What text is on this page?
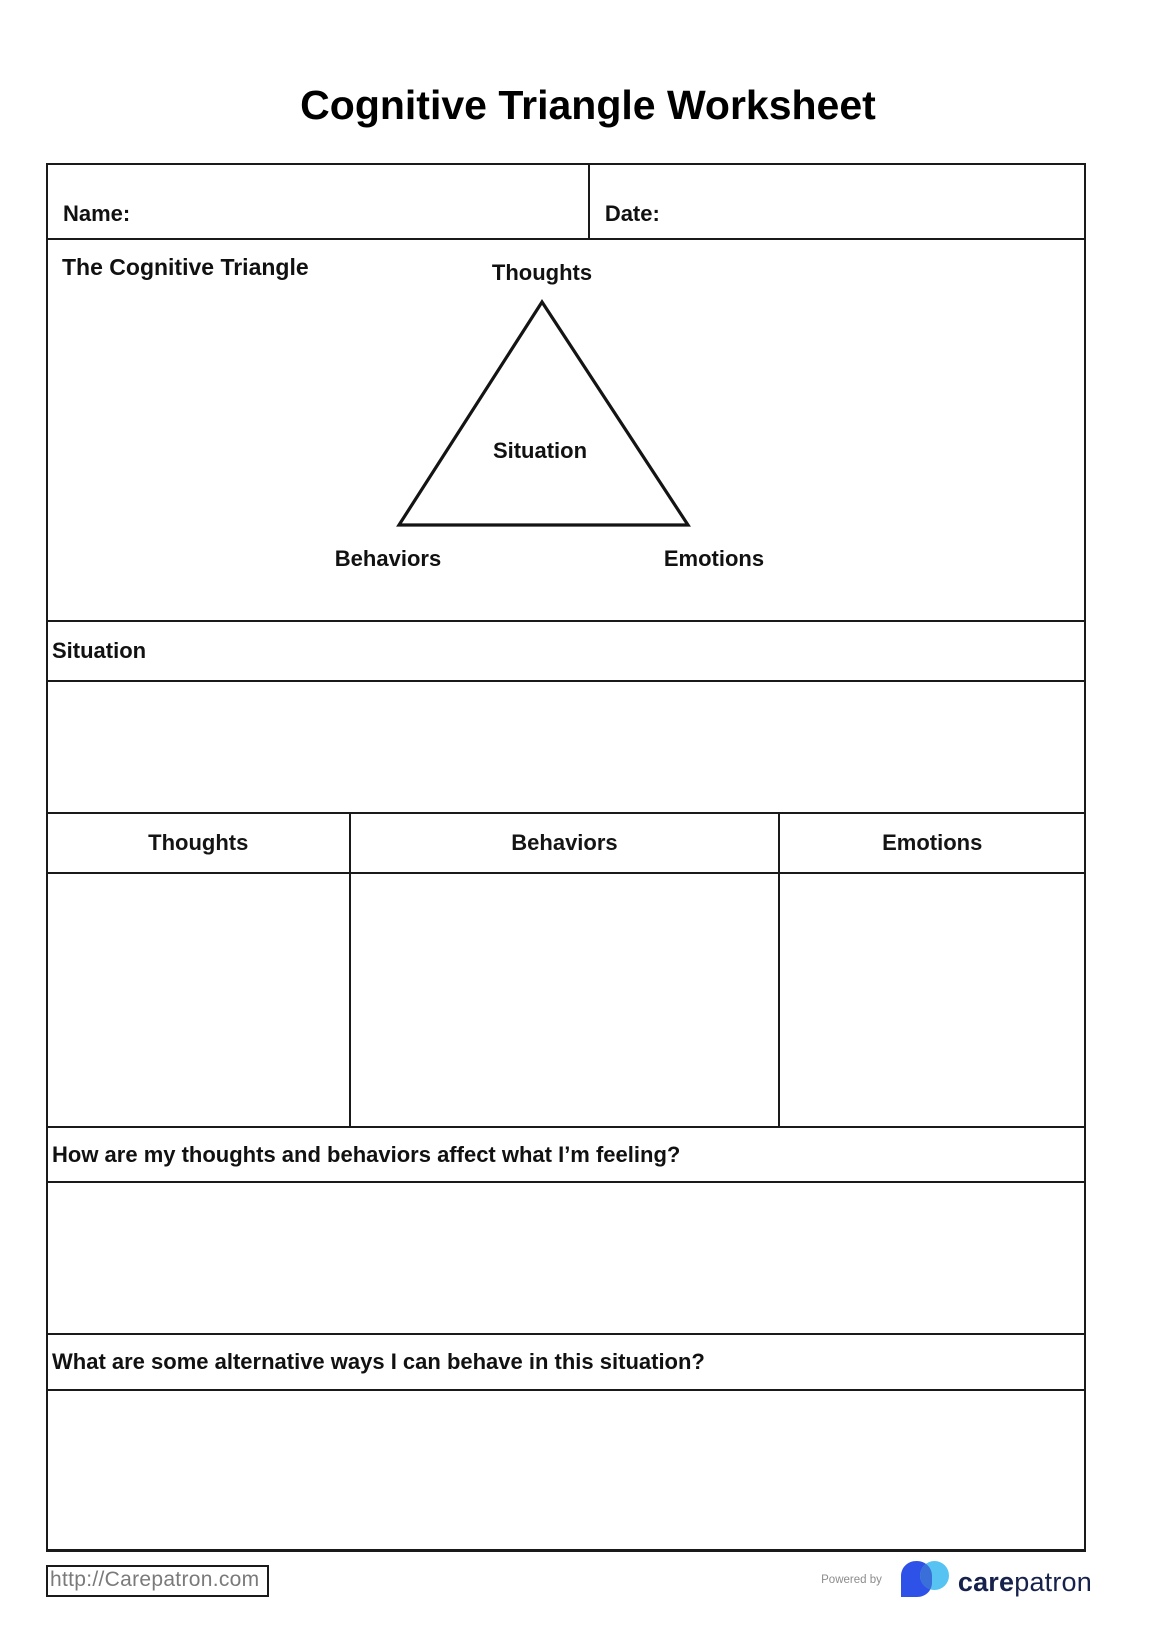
Cognitive Triangle Worksheet
Name:	Date:
The Cognitive Triangle	Thoughts
Situation
Behaviors	Emotions
Situation
Thoughts	Behaviors	Emotions
How are my thoughts and behaviors affect what I’m feeling?
What are some alternative ways I can behave in this situation?
http://Carepatron.com	Powered by	carepatron
